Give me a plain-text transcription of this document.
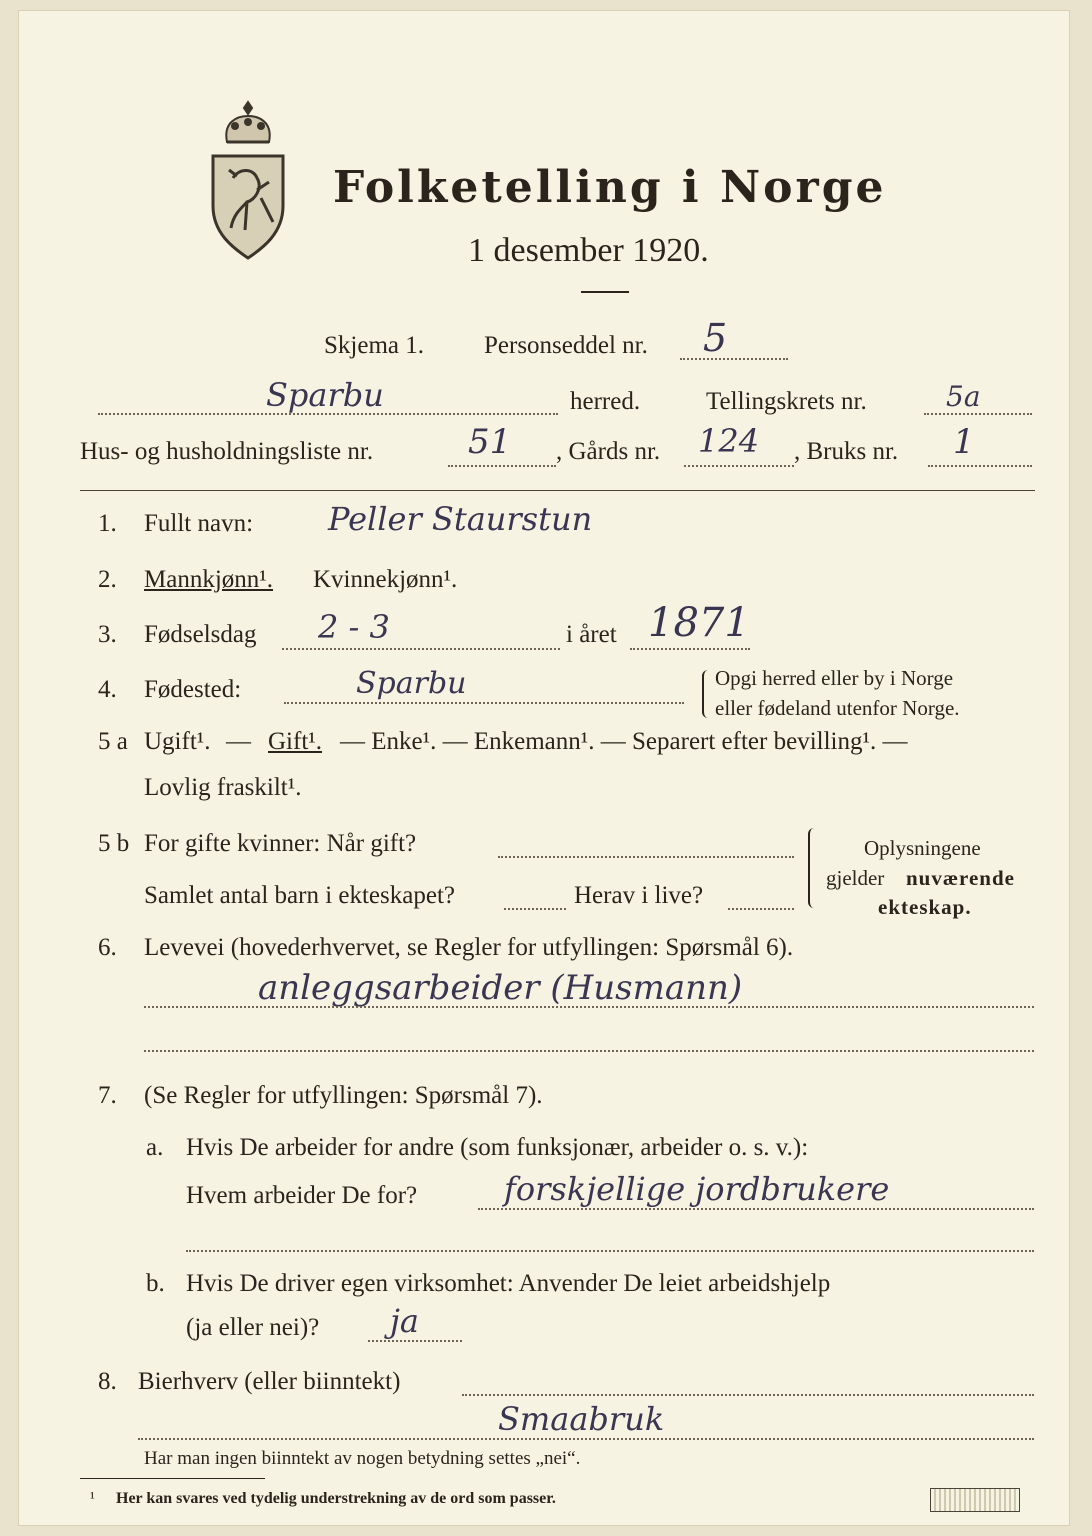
Folketelling i Norge
1 desember 1920.
Skjema 1. Personseddel nr. 5
Sparbu	herred.	Tellingskrets nr.	5a
Hus- og husholdningsliste nr.	51 , Gårds nr. 124 , Bruks nr. 1
1. Fullt navn: Peller Staurstun
2. Mannkjønn¹. Kvinnekjønn¹.
3. Fødselsdag 2 - 3	i året 1871
4. Fødested:	Sparbu	Opgi herred eller by i Norge
eller fødeland utenfor Norge.
5 a Ugift¹. — Gift¹. — Enke¹. — Enkemann¹. — Separert efter bevilling¹. —
Lovlig fraskilt¹.
5 b For gifte kvinner: Når gift?
Samlet antal barn i ekteskapet?	Herav i live?
Oplysningene
gjelder nuværende
ekteskap.
6. Levevei (hovederhvervet, se Regler for utfyllingen: Spørsmål 6).
anleggsarbeider (Husmann)
7. (Se Regler for utfyllingen: Spørsmål 7).
a. Hvis De arbeider for andre (som funksjonær, arbeider o. s. v.):
Hvem arbeider De for?	forskjellige jordbrukere
b. Hvis De driver egen virksomhet: Anvender De leiet arbeidshjelp
(ja eller nei)? ja
8. Bierhverv (eller biinntekt)
Smaabruk
Har man ingen biinntekt av nogen betydning settes „nei“.
¹ Her kan svares ved tydelig understrekning av de ord som passer.
